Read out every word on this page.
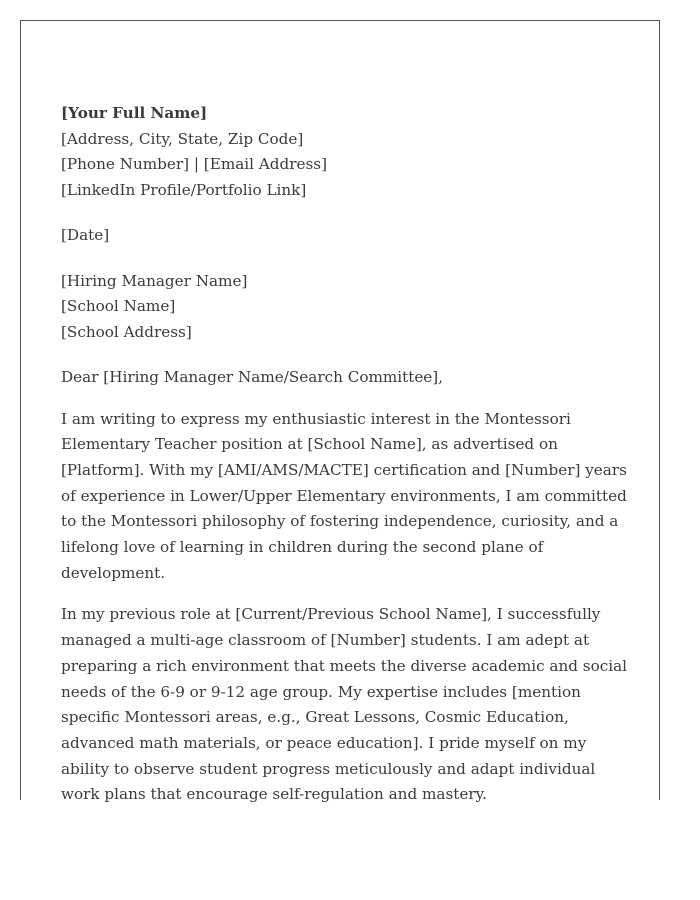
[Your Full Name]
[Address, City, State, Zip Code]
[Phone Number] | [Email Address]
[LinkedIn Profile/Portfolio Link]
[Date]
[Hiring Manager Name]
[School Name]
[School Address]
Dear [Hiring Manager Name/Search Committee],

I am writing to express my enthusiastic interest in the Montessori Elementary Teacher position at [School Name], as advertised on [Platform]. With my [AMI/AMS/MACTE] certification and [Number] years of experience in Lower/Upper Elementary environments, I am committed to the Montessori philosophy of fostering independence, curiosity, and a lifelong love of learning in children during the second plane of development.

In my previous role at [Current/Previous School Name], I successfully managed a multi-age classroom of [Number] students. I am adept at preparing a rich environment that meets the diverse academic and social needs of the 6-9 or 9-12 age group. My expertise includes [mention specific Montessori areas, e.g., Great Lessons, Cosmic Education, advanced math materials, or peace education]. I pride myself on my ability to observe student progress meticulously and adapt individual work plans that encourage self-regulation and mastery.
